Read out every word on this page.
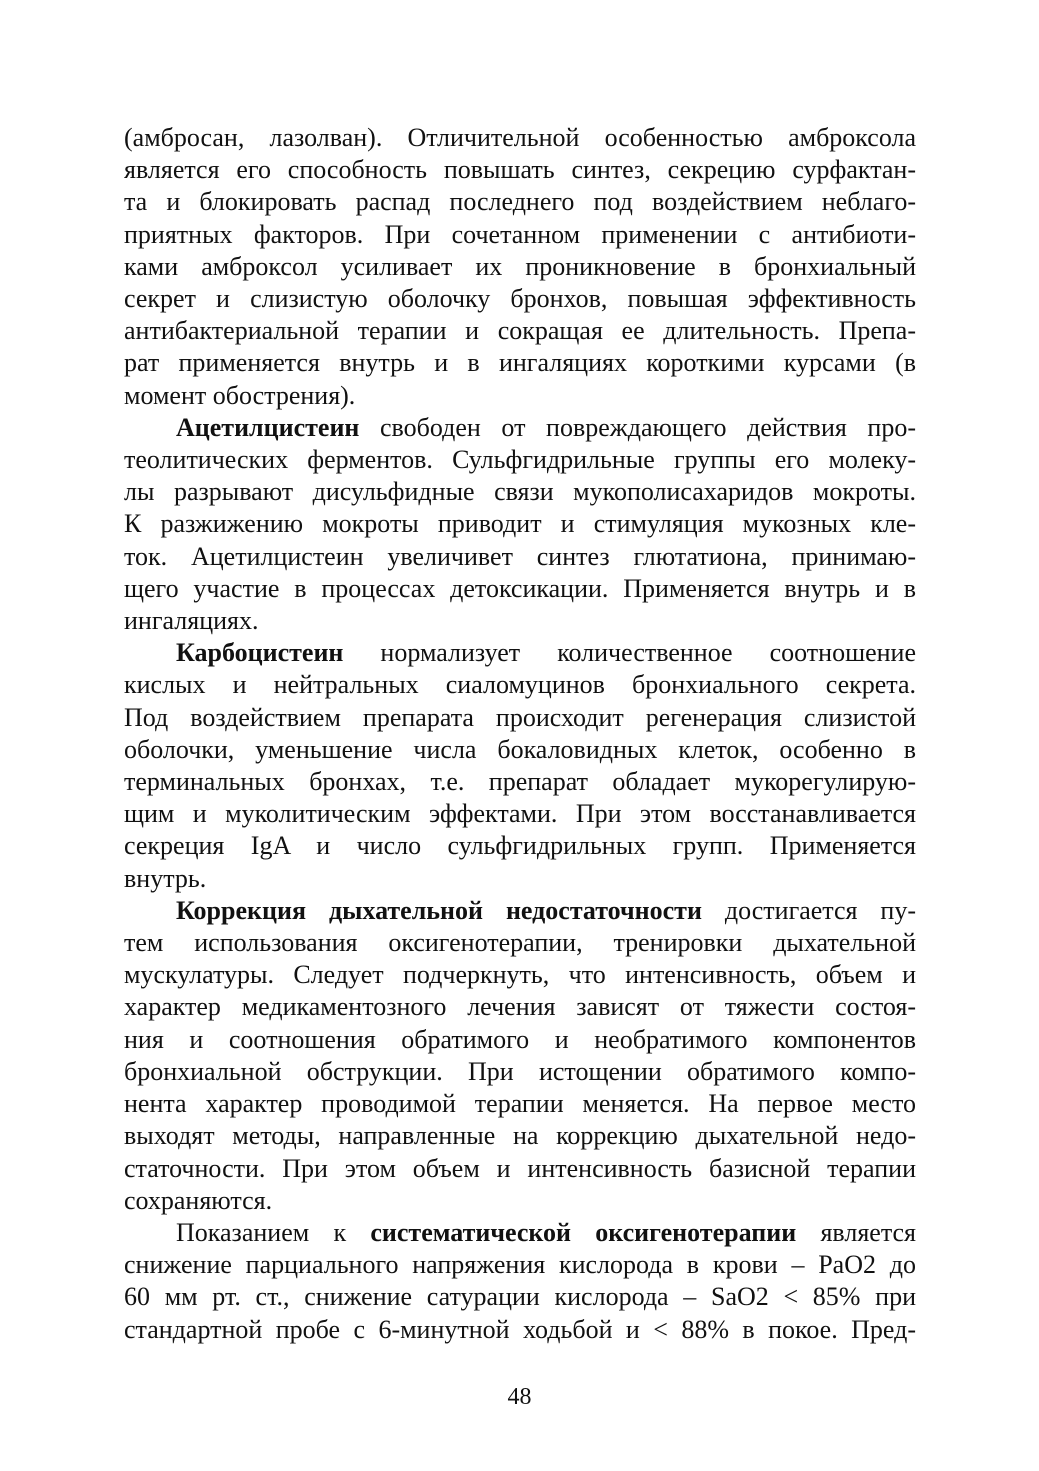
(амбросан, лазолван). Отличительной особенностью амброксола
является его способность повышать синтез, секрецию сурфактан-
та и блокировать распад последнего под воздействием неблаго-
приятных факторов. При сочетанном применении с антибиоти-
ками амброксол усиливает их проникновение в бронхиальный
секрет и слизистую оболочку бронхов, повышая эффективность
антибактериальной терапии и сокращая ее длительность. Препа-
рат применяется внутрь и в ингаляциях короткими курсами (в
момент обострения).

Ацетилцистеин свободен от повреждающего действия про-
теолитических ферментов. Сульфгидрильные группы его молеку-
лы разрывают дисульфидные связи мукополисахаридов мокроты.
К разжижению мокроты приводит и стимуляция мукозных кле-
ток. Ацетилцистеин увеличивет синтез глютатиона, принимаю-
щего участие в процессах детоксикации. Применяется внутрь и в
ингаляциях.

Карбоцистеин нормализует количественное соотношение
кислых и нейтральных сиаломуцинов бронхиального секрета.
Под воздействием препарата происходит регенерация слизистой
оболочки, уменьшение числа бокаловидных клеток, особенно в
терминальных бронхах, т.е. препарат обладает мукорегулирую-
щим и муколитическим эффектами. При этом восстанавливается
секреция IgA и число сульфгидрильных групп. Применяется
внутрь.

Коррекция дыхательной недостаточности достигается пу-
тем использования оксигенотерапии, тренировки дыхательной
мускулатуры. Следует подчеркнуть, что интенсивность, объем и
характер медикаментозного лечения зависят от тяжести состоя-
ния и соотношения обратимого и необратимого компонентов
бронхиальной обструкции. При истощении обратимого компо-
нента характер проводимой терапии меняется. На первое место
выходят методы, направленные на коррекцию дыхательной недо-
статочности. При этом объем и интенсивность базисной терапии
сохраняются.

Показанием к систематической оксигенотерапии является
снижение парциального напряжения кислорода в крови – PaO2 до
60 мм рт. ст., снижение сатурации кислорода – SaO2 < 85% при
стандартной пробе с 6-минутной ходьбой и < 88% в покое. Пред-

48
